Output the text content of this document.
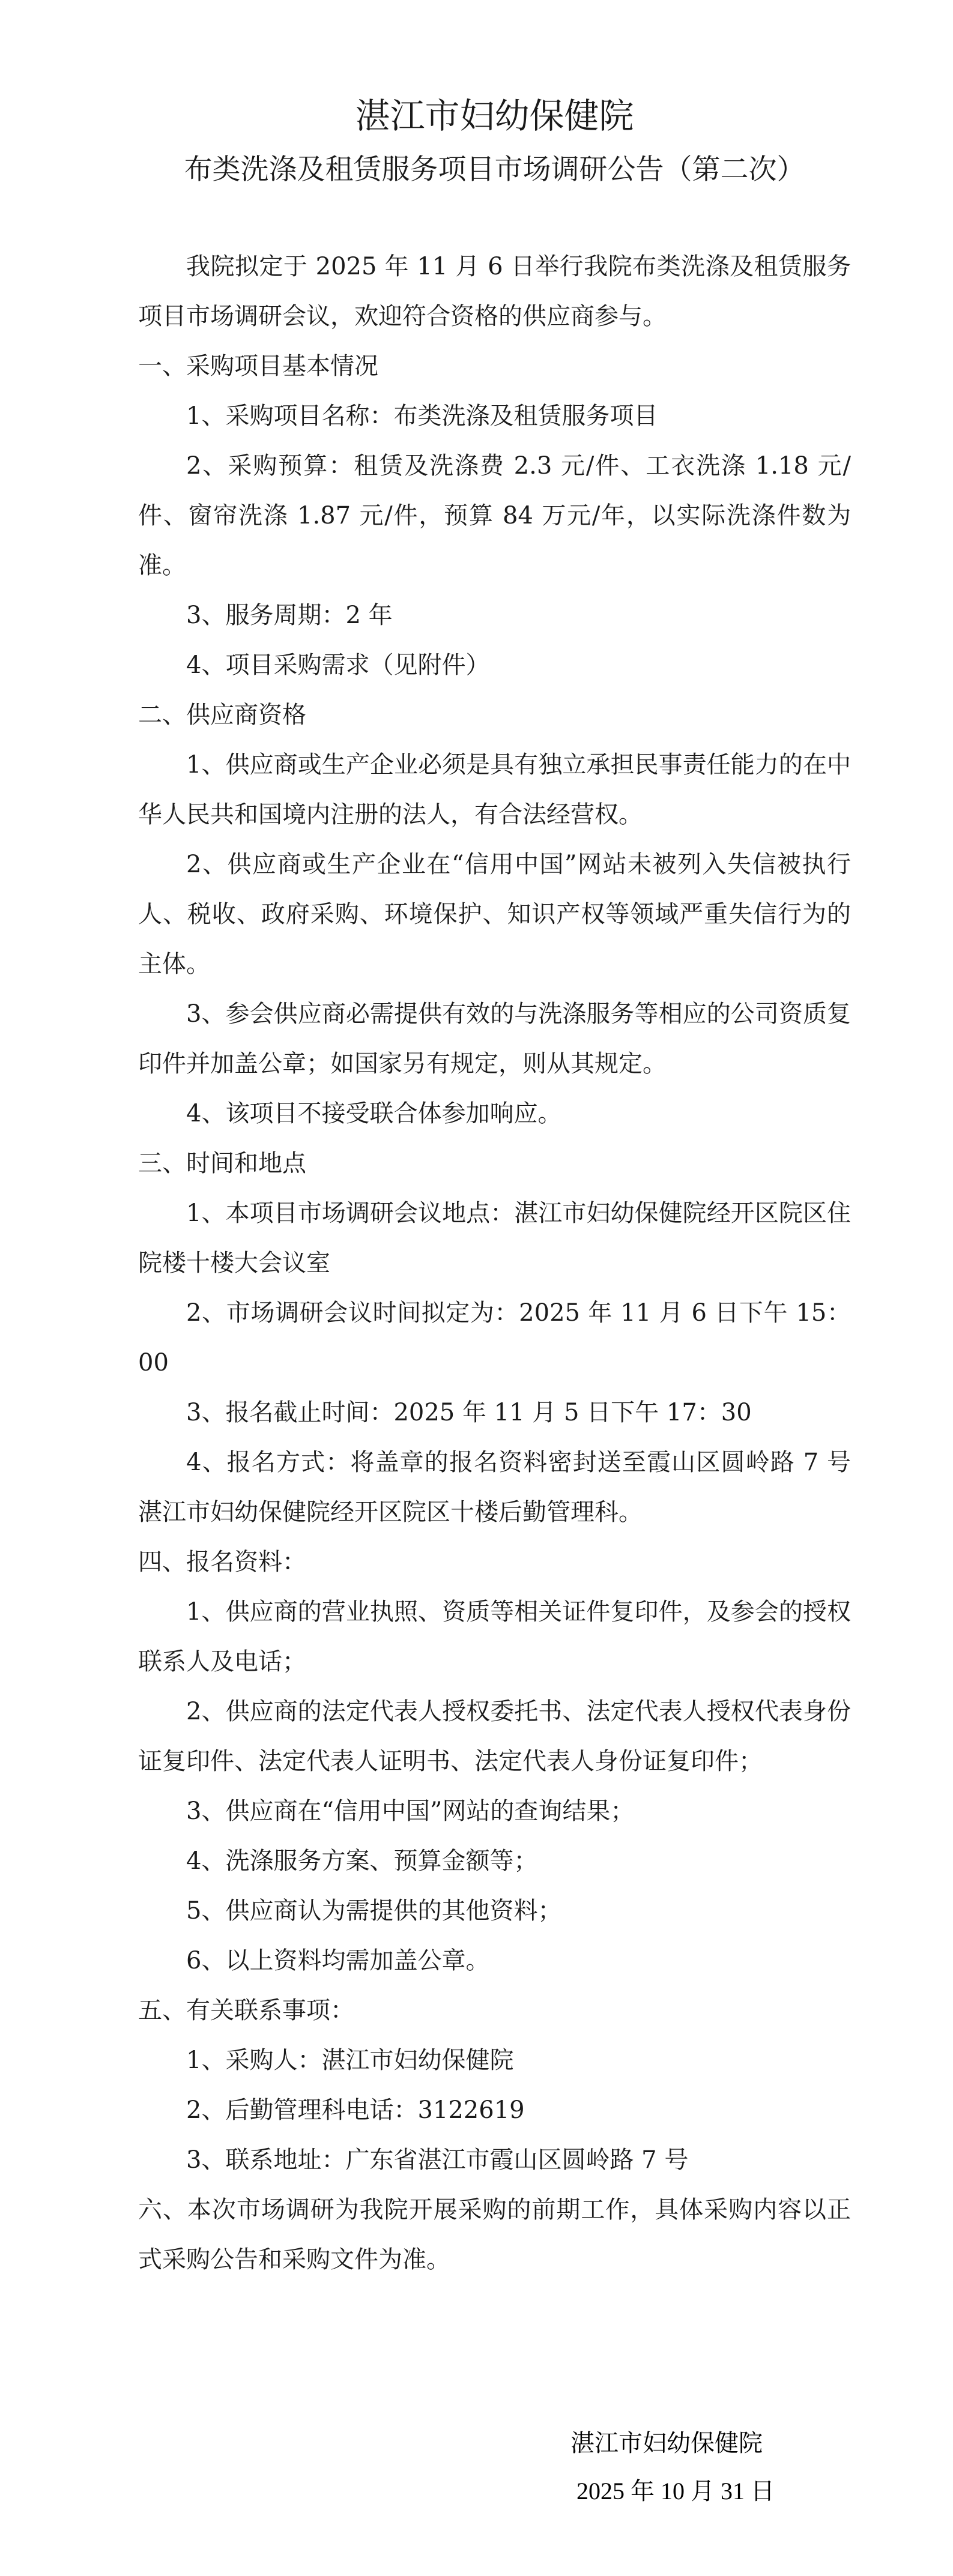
湛江市妇幼保健院
布类洗涤及租赁服务项目市场调研公告（第二次）

我院拟定于 2025 年 11 月 6 日举行我院布类洗涤及租赁服务项目市场调研会议，欢迎符合资格的供应商参与。

一、采购项目基本情况

1、采购项目名称：布类洗涤及租赁服务项目

2、采购预算：租赁及洗涤费 2.3 元/件、工衣洗涤 1.18 元/件、窗帘洗涤 1.87 元/件，预算 84 万元/年，以实际洗涤件数为准。

3、服务周期：2 年

4、项目采购需求（见附件）

二、供应商资格

1、供应商或生产企业必须是具有独立承担民事责任能力的在中华人民共和国境内注册的法人，有合法经营权。

2、供应商或生产企业在“信用中国”网站未被列入失信被执行人、税收、政府采购、环境保护、知识产权等领域严重失信行为的主体。

3、参会供应商必需提供有效的与洗涤服务等相应的公司资质复印件并加盖公章；如国家另有规定，则从其规定。

4、该项目不接受联合体参加响应。

三、时间和地点

1、本项目市场调研会议地点：湛江市妇幼保健院经开区院区住院楼十楼大会议室

2、市场调研会议时间拟定为：2025 年 11 月 6 日下午 15：00

3、报名截止时间：2025 年 11 月 5 日下午 17：30

4、报名方式：将盖章的报名资料密封送至霞山区圆岭路 7 号湛江市妇幼保健院经开区院区十楼后勤管理科。

四、报名资料：

1、供应商的营业执照、资质等相关证件复印件，及参会的授权联系人及电话；

2、供应商的法定代表人授权委托书、法定代表人授权代表身份证复印件、法定代表人证明书、法定代表人身份证复印件；

3、供应商在“信用中国”网站的查询结果；

4、洗涤服务方案、预算金额等；

5、供应商认为需提供的其他资料；

6、以上资料均需加盖公章。

五、有关联系事项：

1、采购人：湛江市妇幼保健院

2、后勤管理科电话：3122619

3、联系地址：广东省湛江市霞山区圆岭路 7 号

六、本次市场调研为我院开展采购的前期工作，具体采购内容以正式采购公告和采购文件为准。

湛江市妇幼保健院
2025 年 10 月 31 日
